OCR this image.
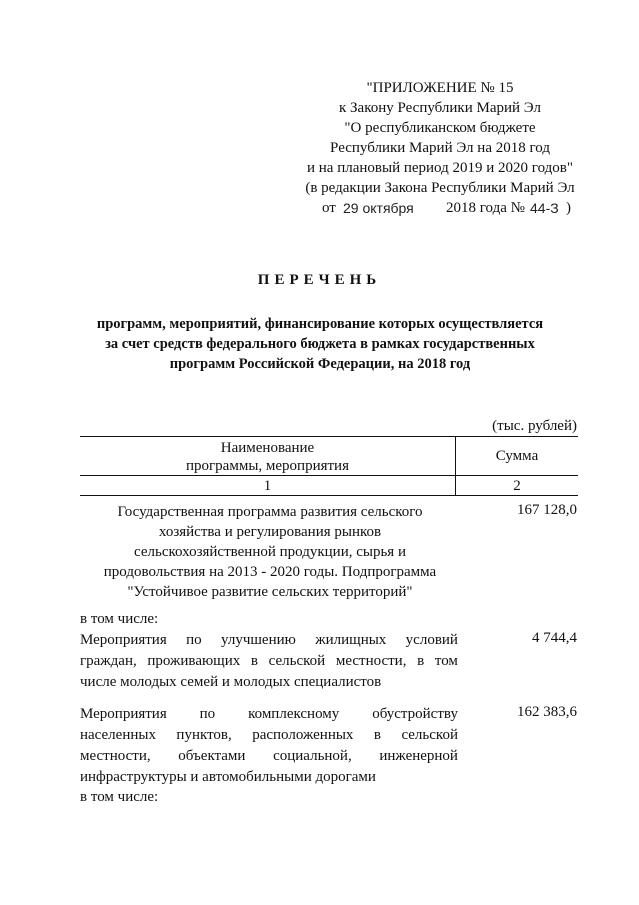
"ПРИЛОЖЕНИЕ № 15
к Закону Республики Марий Эл
"О республиканском бюджете
Республики Марий Эл на 2018 год
и на плановый период 2019 и 2020 годов"
(в редакции Закона Республики Марий Эл
от 29 октября 2018 года № 44-З )
ПЕРЕЧЕНЬ
программ, мероприятий, финансирование которых осуществляется
за счет средств федерального бюджета в рамках государственных
программ Российской Федерации, на 2018 год
(тыс. рублей)
Наименование
программы, мероприятия
Сумма
1	2
Государственная программа развития сельского
хозяйства и регулирования рынков
сельскохозяйственной продукции, сырья и
продовольствия на 2013 - 2020 годы. Подпрограмма
"Устойчивое развитие сельских территорий"
167 128,0
в том числе:
Мероприятия по улучшению жилищных условий
граждан, проживающих в сельской местности, в том
числе молодых семей и молодых специалистов
4 744,4
Мероприятия по комплексному обустройству
населенных пунктов, расположенных в сельской
местности, объектами социальной, инженерной
инфраструктуры и автомобильными дорогами
162 383,6
в том числе:
